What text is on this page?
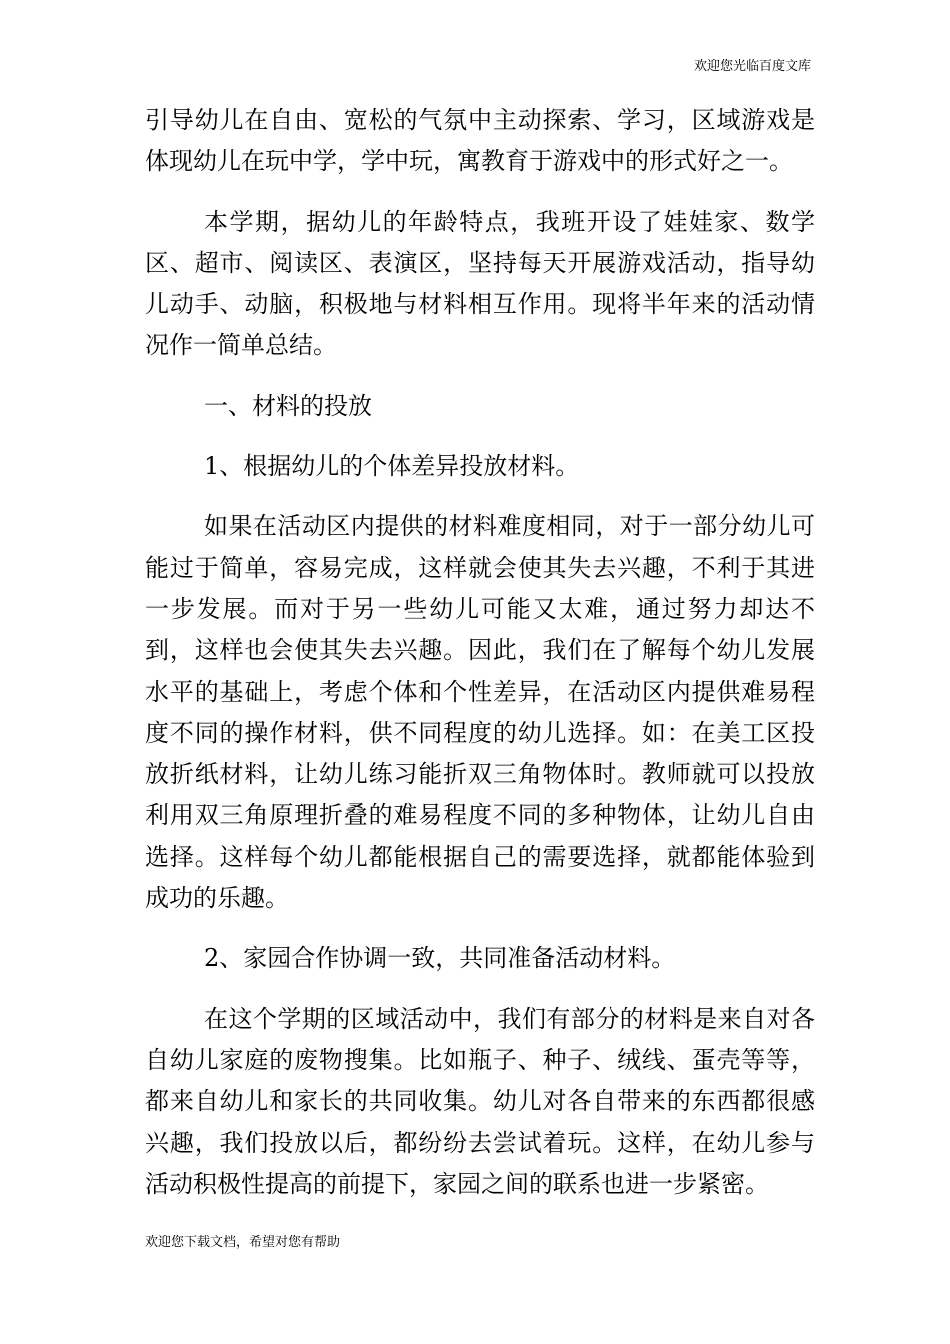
欢迎您光临百度文库

引导幼儿在自由、宽松的气氛中主动探索、学习，区域游戏是体现幼儿在玩中学，学中玩，寓教育于游戏中的形式好之一。

本学期，据幼儿的年龄特点，我班开设了娃娃家、数学区、超市、阅读区、表演区，坚持每天开展游戏活动，指导幼儿动手、动脑，积极地与材料相互作用。现将半年来的活动情况作一简单总结。

一、材料的投放

1、根据幼儿的个体差异投放材料。

如果在活动区内提供的材料难度相同，对于一部分幼儿可能过于简单，容易完成，这样就会使其失去兴趣，不利于其进一步发展。而对于另一些幼儿可能又太难，通过努力却达不到，这样也会使其失去兴趣。因此，我们在了解每个幼儿发展水平的基础上，考虑个体和个性差异，在活动区内提供难易程度不同的操作材料，供不同程度的幼儿选择。如：在美工区投放折纸材料，让幼儿练习能折双三角物体时。教师就可以投放利用双三角原理折叠的难易程度不同的多种物体，让幼儿自由选择。这样每个幼儿都能根据自己的需要选择，就都能体验到成功的乐趣。

2、家园合作协调一致，共同准备活动材料。

在这个学期的区域活动中，我们有部分的材料是来自对各自幼儿家庭的废物搜集。比如瓶子、种子、绒线、蛋壳等等，都来自幼儿和家长的共同收集。幼儿对各自带来的东西都很感兴趣，我们投放以后，都纷纷去尝试着玩。这样，在幼儿参与活动积极性提高的前提下，家园之间的联系也进一步紧密。

欢迎您下载文档，希望对您有帮助
